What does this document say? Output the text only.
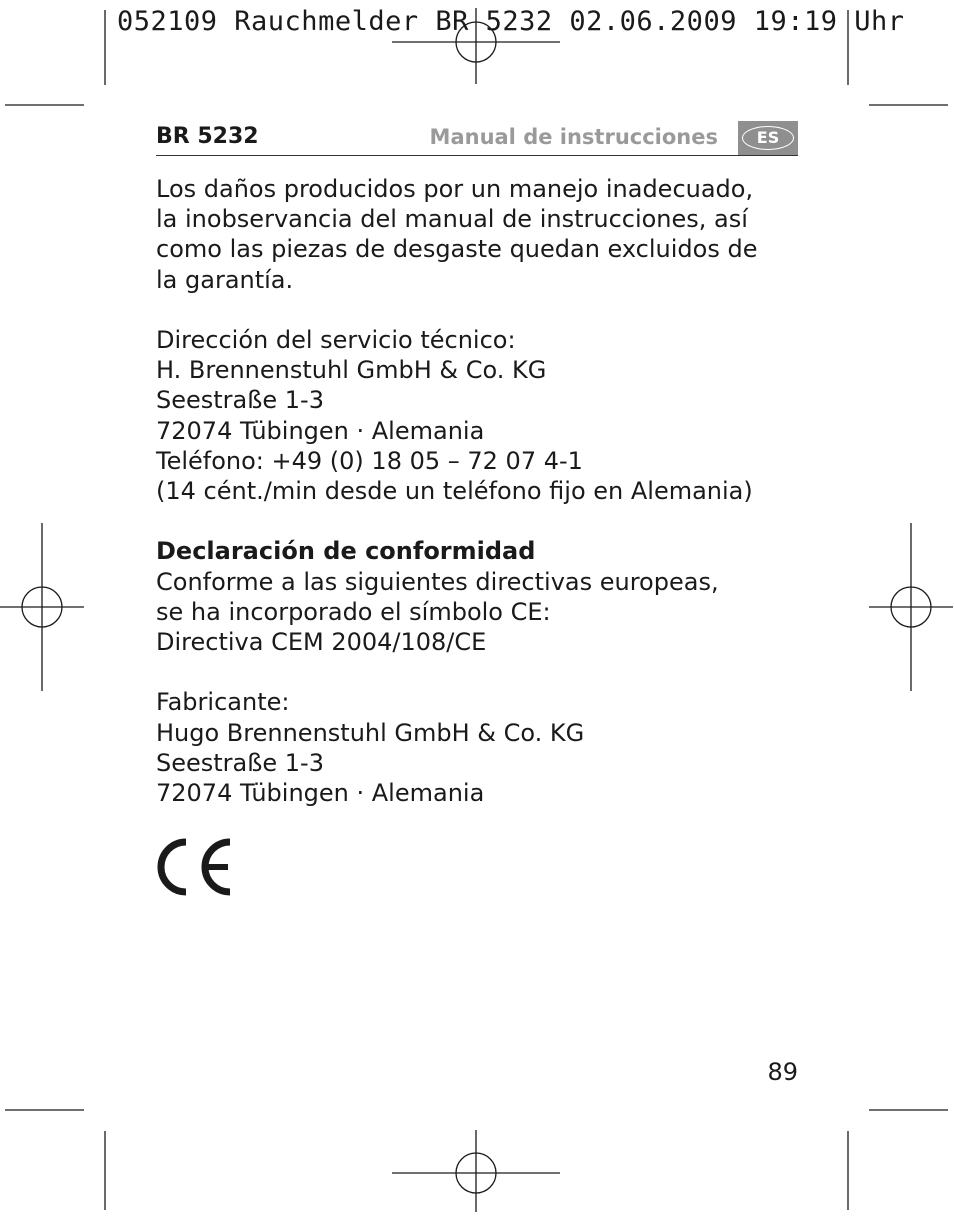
052109 Rauchmelder BR 5232 02.06.2009 19:19 Uhr
BR 5232	Manual de instrucciones	ES

Los daños producidos por un manejo inadecuado,

la inobservancia del manual de instrucciones, así

como las piezas de desgaste quedan excluidos de

la garantía.

Dirección del servicio técnico:

H. Brennenstuhl GmbH & Co. KG

Seestraße 1-3

72074 Tübingen · Alemania

Teléfono: +49 (0) 18 05 – 72 07 4-1

(14 cént./min desde un teléfono fijo en Alemania)

Declaración de conformidad

Conforme a las siguientes directivas europeas,

se ha incorporado el símbolo CE:

Directiva CEM 2004/108/CE

Fabricante:

Hugo Brennenstuhl GmbH & Co. KG

Seestraße 1-3

72074 Tübingen · Alemania

89
